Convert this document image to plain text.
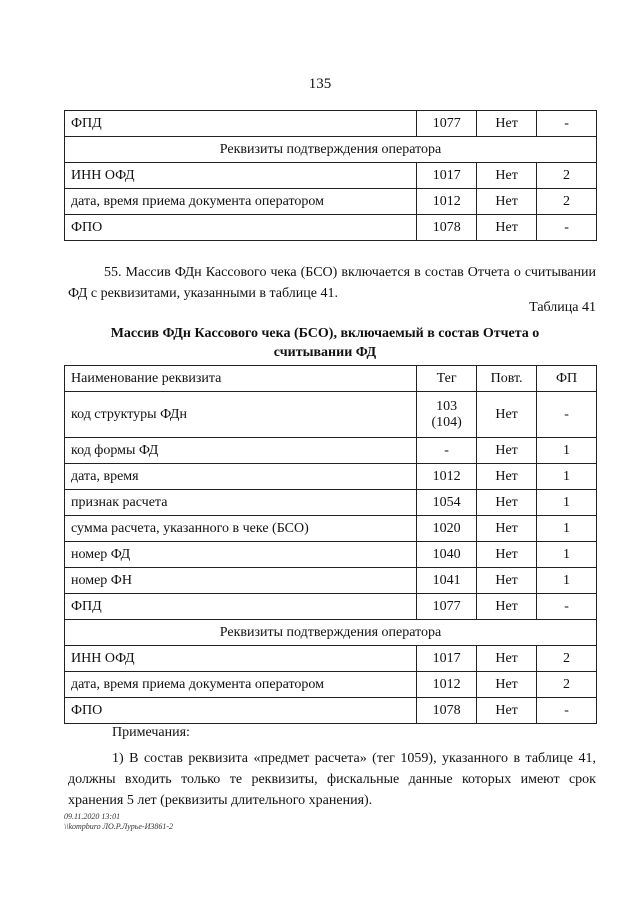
135
ФПД	1077	Нет	-
Реквизиты подтверждения оператора			
ИНН ОФД	1017	Нет	2
дата, время приема документа оператором	1012	Нет	2
ФПО	1078	Нет	-
55. Массив ФДн Кассового чека (БСО) включается в состав Отчета о считывании ФД с реквизитами, указанными в таблице 41.
Таблица 41
Массив ФДн Кассового чека (БСО), включаемый в состав Отчета о считывании ФД
Наименование реквизита	Тег	Повт.	ФП
код структуры ФДн	103 (104)	Нет	-
код формы ФД	-	Нет	1
дата, время	1012	Нет	1
признак расчета	1054	Нет	1
сумма расчета, указанного в чеке (БСО)	1020	Нет	1
номер ФД	1040	Нет	1
номер ФН	1041	Нет	1
ФПД	1077	Нет	-
Реквизиты подтверждения оператора			
ИНН ОФД	1017	Нет	2
дата, время приема документа оператором	1012	Нет	2
ФПО	1078	Нет	-
Примечания:
1) В состав реквизита «предмет расчета» (тег 1059), указанного в таблице 41, должны входить только те реквизиты, фискальные данные которых имеют срок хранения 5 лет (реквизиты длительного хранения).
09.11.2020 13:01
\\kompburo ЛО.Р.Лурье-И3861-2
